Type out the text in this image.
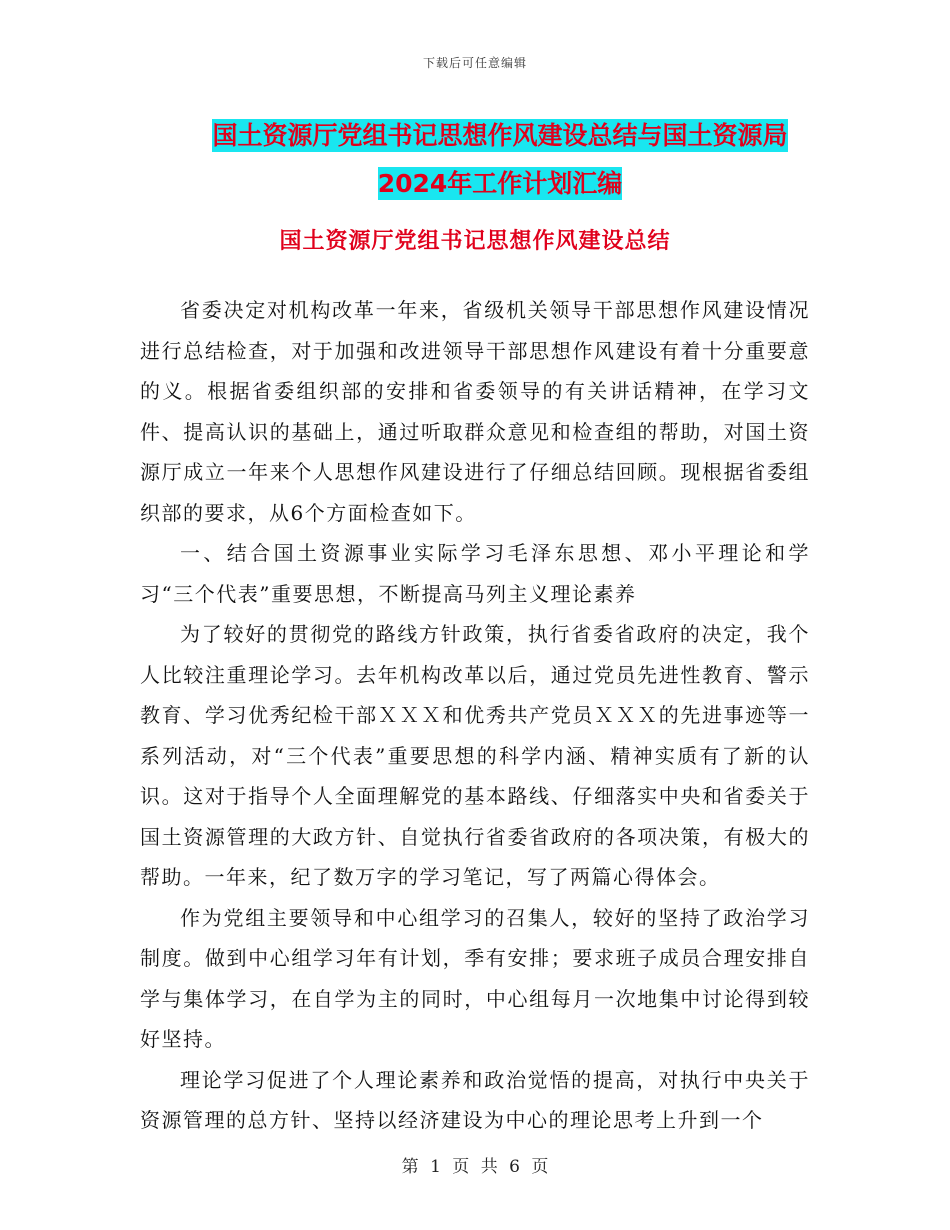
下载后可任意编辑
国土资源厅党组书记思想作风建设总结与国土资源局
2024年工作计划汇编
国土资源厅党组书记思想作风建设总结

省委决定对机构改革一年来，省级机关领导干部思想作风建设情况进行总结检查，对于加强和改进领导干部思想作风建设有着十分重要意的义。根据省委组织部的安排和省委领导的有关讲话精神，在学习文件、提高认识的基础上，通过听取群众意见和检查组的帮助，对国土资源厅成立一年来个人思想作风建设进行了仔细总结回顾。现根据省委组织部的要求，从6个方面检查如下。

一、结合国土资源事业实际学习毛泽东思想、邓小平理论和学习“三个代表”重要思想，不断提高马列主义理论素养

为了较好的贯彻党的路线方针政策，执行省委省政府的决定，我个人比较注重理论学习。去年机构改革以后，通过党员先进性教育、警示教育、学习优秀纪检干部ＸＸＸ和优秀共产党员ＸＸＸ的先进事迹等一系列活动，对“三个代表”重要思想的科学内涵、精神实质有了新的认识。这对于指导个人全面理解党的基本路线、仔细落实中央和省委关于国土资源管理的大政方针、自觉执行省委省政府的各项决策，有极大的帮助。一年来，纪了数万字的学习笔记，写了两篇心得体会。

作为党组主要领导和中心组学习的召集人，较好的坚持了政治学习制度。做到中心组学习年有计划，季有安排；要求班子成员合理安排自学与集体学习，在自学为主的同时，中心组每月一次地集中讨论得到较好坚持。

理论学习促进了个人理论素养和政治觉悟的提高，对执行中央关于资源管理的总方针、坚持以经济建设为中心的理论思考上升到一个

第 1 页 共 6 页
